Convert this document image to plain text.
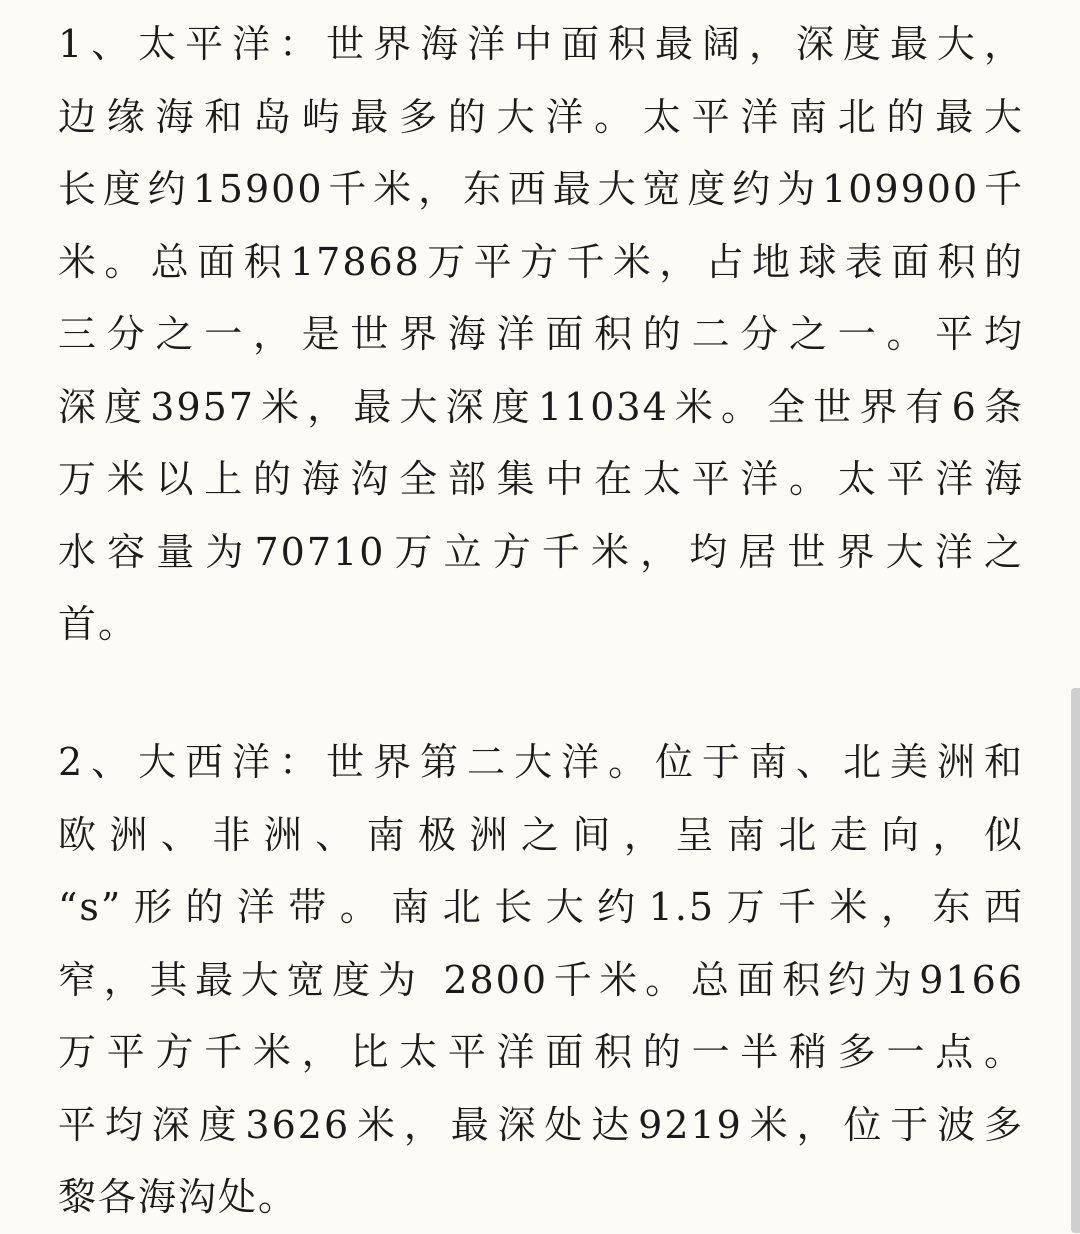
1、太平洋：世界海洋中面积最阔，深度最大，
边缘海和岛屿最多的大洋。太平洋南北的最大
长度约15900千米，东西最大宽度约为109900千
米。总面积17868万平方千米，占地球表面积的
三分之一，是世界海洋面积的二分之一。平均
深度3957米，最大深度11034米。全世界有6条
万米以上的海沟全部集中在太平洋。太平洋海
水容量为70710万立方千米，均居世界大洋之
首。
2、大西洋：世界第二大洋。位于南、北美洲和
欧洲、非洲、南极洲之间，呈南北走向，似
“s”形的洋带。南北长大约1.5万千米，东西
窄，其最大宽度为 2800千米。总面积约为9166
万平方千米，比太平洋面积的一半稍多一点。
平均深度3626米，最深处达9219米，位于波多
黎各海沟处。
